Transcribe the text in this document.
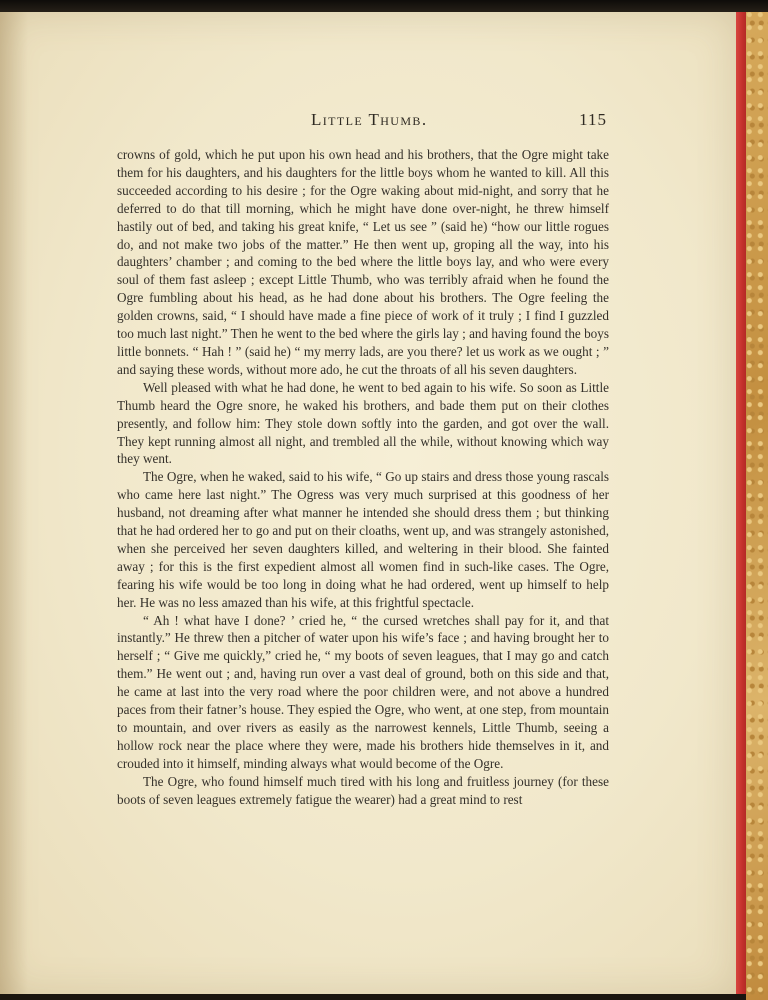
Little Thumb.	115

crowns of gold, which he put upon his own head and his brothers, that the Ogre might take them for his daughters, and his daughters for the little boys whom he wanted to kill. All this succeeded according to his desire ; for the Ogre waking about mid-night, and sorry that he deferred to do that till morning, which he might have done over-night, he threw himself hastily out of bed, and taking his great knife, “ Let us see ” (said he) “how our little rogues do, and not make two jobs of the matter.” He then went up, groping all the way, into his daughters’ chamber ; and coming to the bed where the little boys lay, and who were every soul of them fast asleep ; except Little Thumb, who was terribly afraid when he found the Ogre fumbling about his head, as he had done about his brothers. The Ogre feeling the golden crowns, said, “ I should have made a fine piece of work of it truly ; I find I guzzled too much last night.” Then he went to the bed where the girls lay ; and having found the boys little bonnets. “ Hah ! ” (said he) “ my merry lads, are you there? let us work as we ought ; ” and saying these words, without more ado, he cut the throats of all his seven daughters.

Well pleased with what he had done, he went to bed again to his wife. So soon as Little Thumb heard the Ogre snore, he waked his brothers, and bade them put on their clothes presently, and follow him: They stole down softly into the garden, and got over the wall. They kept running almost all night, and trembled all the while, without knowing which way they went.

The Ogre, when he waked, said to his wife, “ Go up stairs and dress those young rascals who came here last night.” The Ogress was very much surprised at this goodness of her husband, not dreaming after what manner he intended she should dress them ; but thinking that he had ordered her to go and put on their cloaths, went up, and was strangely astonished, when she perceived her seven daughters killed, and weltering in their blood. She fainted away ; for this is the first expedient almost all women find in such-like cases. The Ogre, fearing his wife would be too long in doing what he had ordered, went up himself to help her. He was no less amazed than his wife, at this frightful spectacle.

“ Ah ! what have I done? ’ cried he, “ the cursed wretches shall pay for it, and that instantly.” He threw then a pitcher of water upon his wife’s face ; and having brought her to herself ; “ Give me quickly,” cried he, “ my boots of seven leagues, that I may go and catch them.” He went out ; and, having run over a vast deal of ground, both on this side and that, he came at last into the very road where the poor children were, and not above a hundred paces from their fatner’s house. They espied the Ogre, who went, at one step, from mountain to mountain, and over rivers as easily as the narrowest kennels, Little Thumb, seeing a hollow rock near the place where they were, made his brothers hide themselves in it, and crouded into it himself, minding always what would become of the Ogre.

The Ogre, who found himself much tired with his long and fruitless journey (for these boots of seven leagues extremely fatigue the wearer) had a great mind to rest
